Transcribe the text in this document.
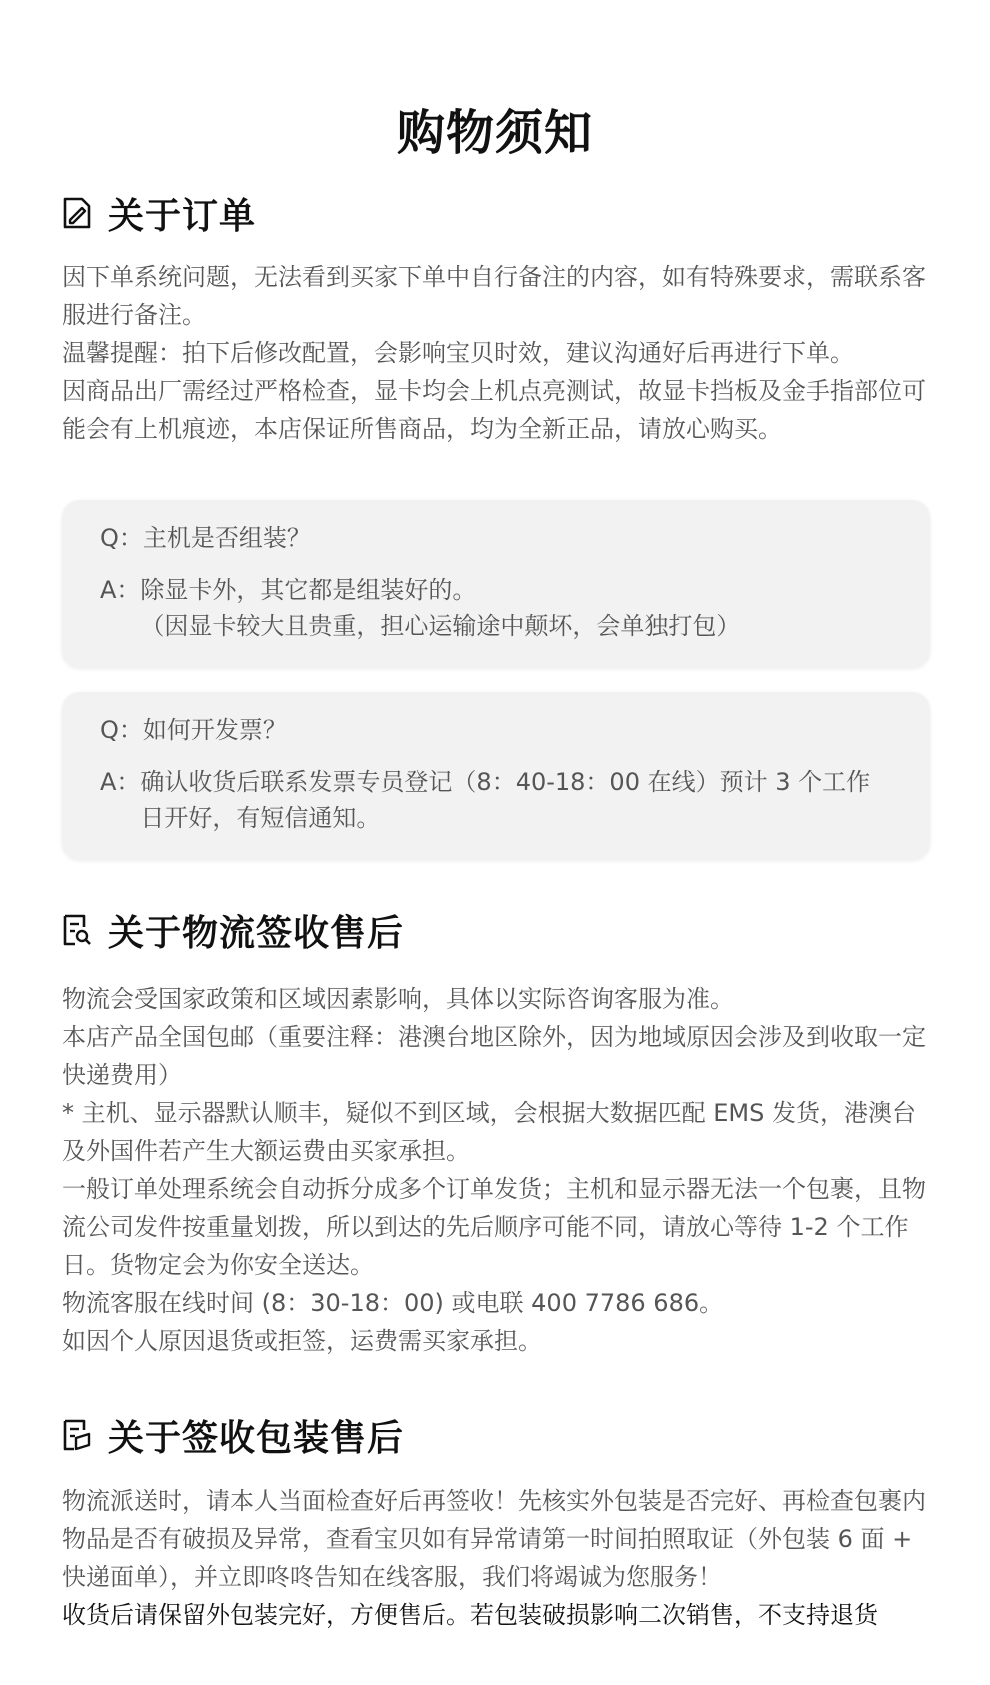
购物须知
关于订单

因下单系统问题，无法看到买家下单中自行备注的内容，如有特殊要求，需联系客服进行备注。

温馨提醒：拍下后修改配置，会影响宝贝时效，建议沟通好后再进行下单。

因商品出厂需经过严格检查，显卡均会上机点亮测试，故显卡挡板及金手指部位可能会有上机痕迹，本店保证所售商品，均为全新正品，请放心购买。

Q：主机是否组装？
A： 除显卡外，其它都是组装好的。
（因显卡较大且贵重，担心运输途中颠坏，会单独打包）
Q：如何开发票？
A： 确认收货后联系发票专员登记（8：40-18：00 在线）预计 3 个工作日开好，有短信通知。
关于物流签收售后

物流会受国家政策和区域因素影响，具体以实际咨询客服为准。

本店产品全国包邮（重要注释：港澳台地区除外，因为地域原因会涉及到收取一定快递费用）

* 主机、显示器默认顺丰，疑似不到区域，会根据大数据匹配 EMS 发货，港澳台及外国件若产生大额运费由买家承担。

一般订单处理系统会自动拆分成多个订单发货；主机和显示器无法一个包裹，且物流公司发件按重量划拨，所以到达的先后顺序可能不同，请放心等待 1-2 个工作日。货物定会为你安全送达。

物流客服在线时间 (8：30-18：00) 或电联 400 7786 686。

如因个人原因退货或拒签，运费需买家承担。

关于签收包装售后

物流派送时，请本人当面检查好后再签收！先核实外包装是否完好、再检查包裹内物品是否有破损及异常，查看宝贝如有异常请第一时间拍照取证（外包装 6 面 + 快递面单），并立即咚咚告知在线客服，我们将竭诚为您服务！

收货后请保留外包装完好，方便售后。若包装破损影响二次销售，不支持退货
